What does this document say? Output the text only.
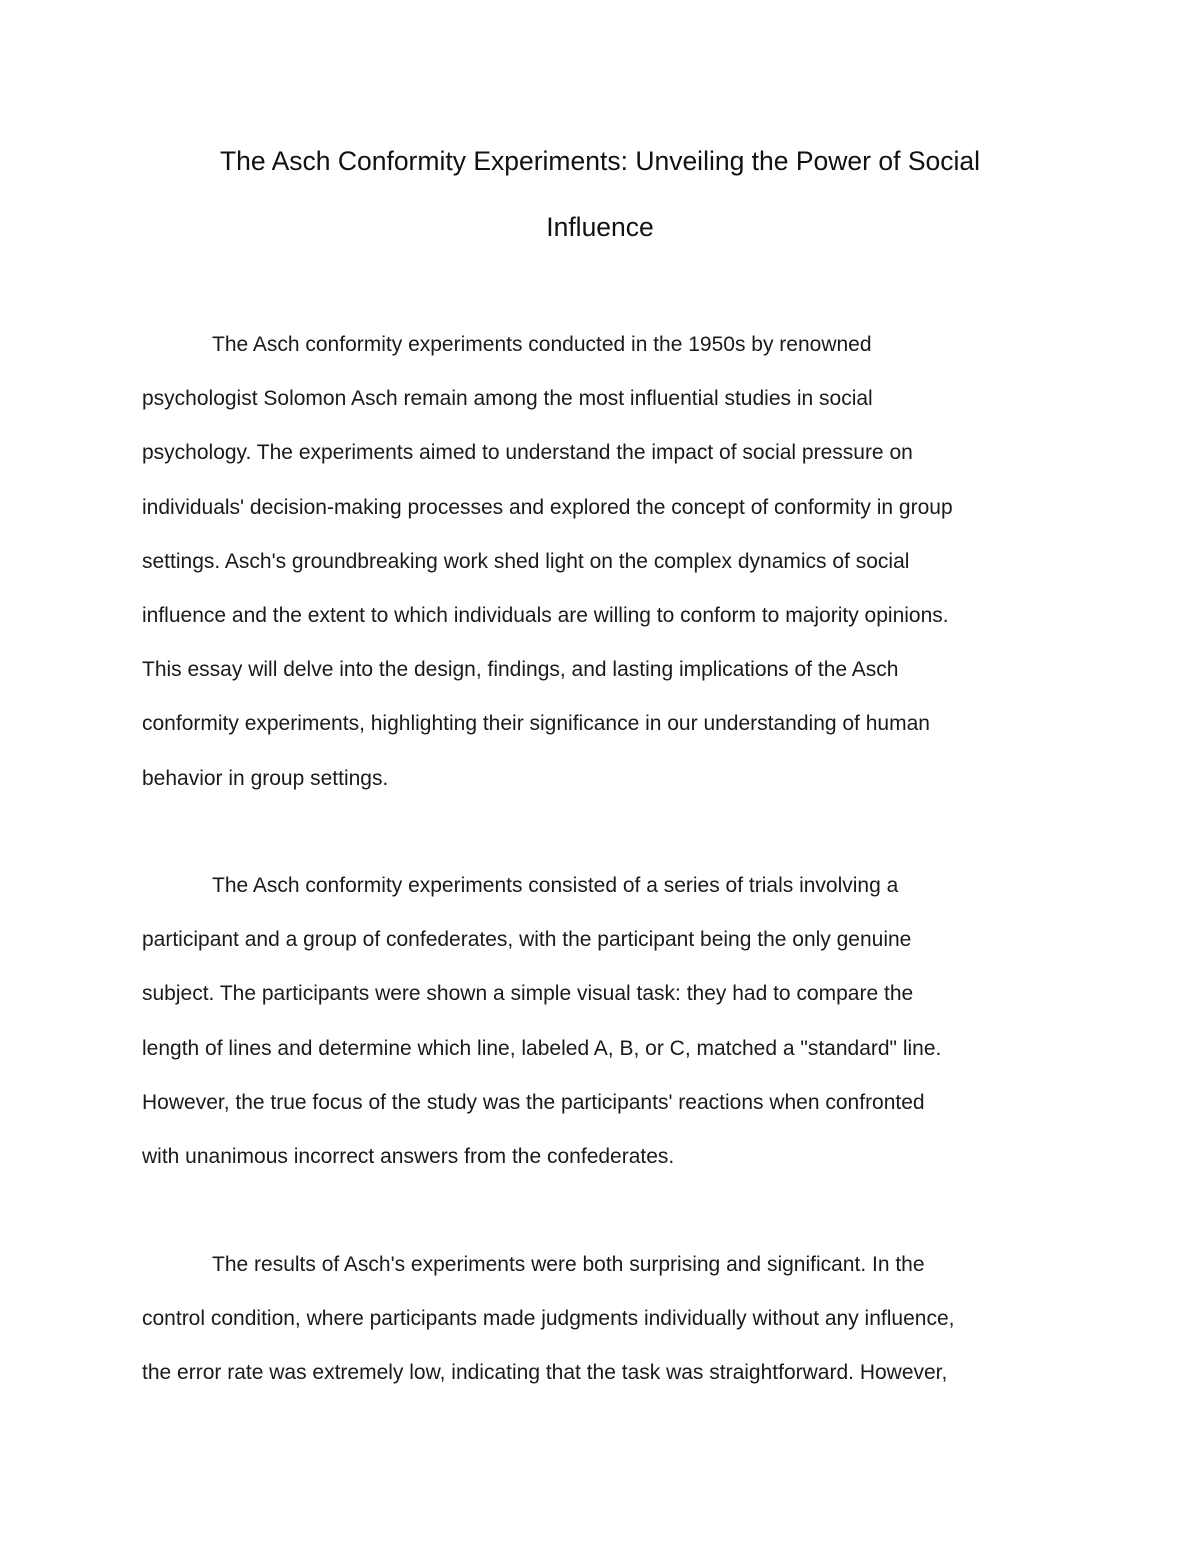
The Asch Conformity Experiments: Unveiling the Power of Social
Influence

The Asch conformity experiments conducted in the 1950s by renowned
psychologist Solomon Asch remain among the most influential studies in social
psychology. The experiments aimed to understand the impact of social pressure on
individuals' decision-making processes and explored the concept of conformity in group
settings. Asch's groundbreaking work shed light on the complex dynamics of social
influence and the extent to which individuals are willing to conform to majority opinions.
This essay will delve into the design, findings, and lasting implications of the Asch
conformity experiments, highlighting their significance in our understanding of human
behavior in group settings.

The Asch conformity experiments consisted of a series of trials involving a
participant and a group of confederates, with the participant being the only genuine
subject. The participants were shown a simple visual task: they had to compare the
length of lines and determine which line, labeled A, B, or C, matched a "standard" line.
However, the true focus of the study was the participants' reactions when confronted
with unanimous incorrect answers from the confederates.

The results of Asch's experiments were both surprising and significant. In the
control condition, where participants made judgments individually without any influence,
the error rate was extremely low, indicating that the task was straightforward. However,
